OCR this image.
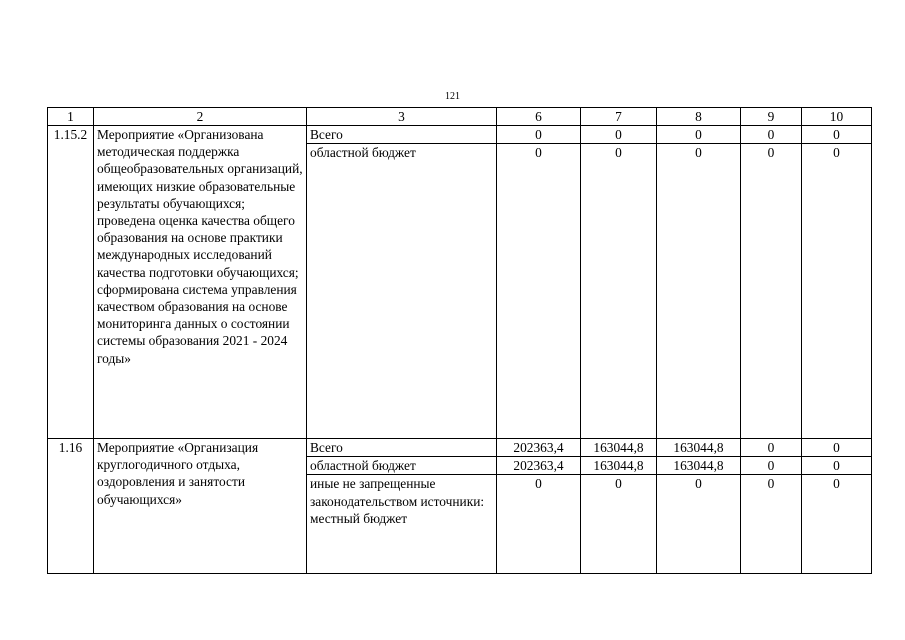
121
1	2	3	6	7	8	9	10
1.15.2	Мероприятие «Организована методическая поддержка общеобразовательных организаций, имеющих низкие образовательные результаты обучающихся; проведена оценка качества общего образования на основе практики международных исследований качества подготовки обучающихся; сформирована система управления качеством образования на основе мониторинга данных о состоянии системы образования 2021 - 2024 годы»	Всего	0	0	0	0	0
		областной бюджет	0	0	0	0	0
1.16	Мероприятие «Организация круглогодичного отдыха, оздоровления и занятости обучающихся»	Всего	202363,4	163044,8	163044,8	0	0
		областной бюджет	202363,4	163044,8	163044,8	0	0
		иные не запрещенные законодательством источники: местный бюджет	0	0	0	0	0
